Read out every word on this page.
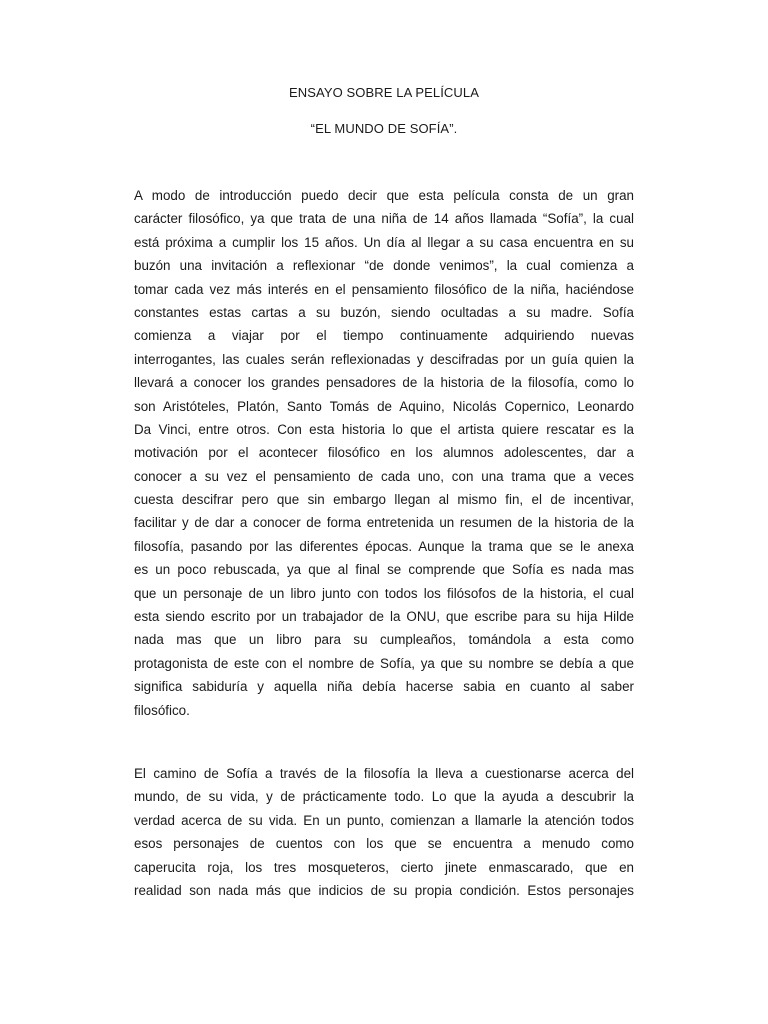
ENSAYO SOBRE LA PELÍCULA
“EL MUNDO DE SOFÍA”.
A modo de introducción puedo decir que esta película consta de un gran
carácter filosófico, ya que trata de una niña de 14 años llamada “Sofía”, la cual
está próxima a cumplir los 15 años. Un día al llegar a su casa encuentra en su
buzón una invitación a reflexionar “de donde venimos”, la cual comienza a
tomar cada vez más interés en el pensamiento filosófico de la niña, haciéndose
constantes estas cartas a su buzón, siendo ocultadas a su madre. Sofía
comienza a viajar por el tiempo continuamente adquiriendo nuevas
interrogantes, las cuales serán reflexionadas y descifradas por un guía quien la
llevará a conocer los grandes pensadores de la historia de la filosofía, como lo
son Aristóteles, Platón, Santo Tomás de Aquino, Nicolás Copernico, Leonardo
Da Vinci, entre otros. Con esta historia lo que el artista quiere rescatar es la
motivación por el acontecer filosófico en los alumnos adolescentes, dar a
conocer a su vez el pensamiento de cada uno, con una trama que a veces
cuesta descifrar pero que sin embargo llegan al mismo fin, el de incentivar,
facilitar y de dar a conocer de forma entretenida un resumen de la historia de la
filosofía, pasando por las diferentes épocas. Aunque la trama que se le anexa
es un poco rebuscada, ya que al final se comprende que Sofía es nada mas
que un personaje de un libro junto con todos los filósofos de la historia, el cual
esta siendo escrito por un trabajador de la ONU, que escribe para su hija Hilde
nada mas que un libro para su cumpleaños, tomándola a esta como
protagonista de este con el nombre de Sofía, ya que su nombre se debía a que
significa sabiduría y aquella niña debía hacerse sabia en cuanto al saber
filosófico.
El camino de Sofía a través de la filosofía la lleva a cuestionarse acerca del
mundo, de su vida, y de prácticamente todo. Lo que la ayuda a descubrir la
verdad acerca de su vida. En un punto, comienzan a llamarle la atención todos
esos personajes de cuentos con los que se encuentra a menudo como
caperucita roja, los tres mosqueteros, cierto jinete enmascarado, que en
realidad son nada más que indicios de su propia condición. Estos personajes
